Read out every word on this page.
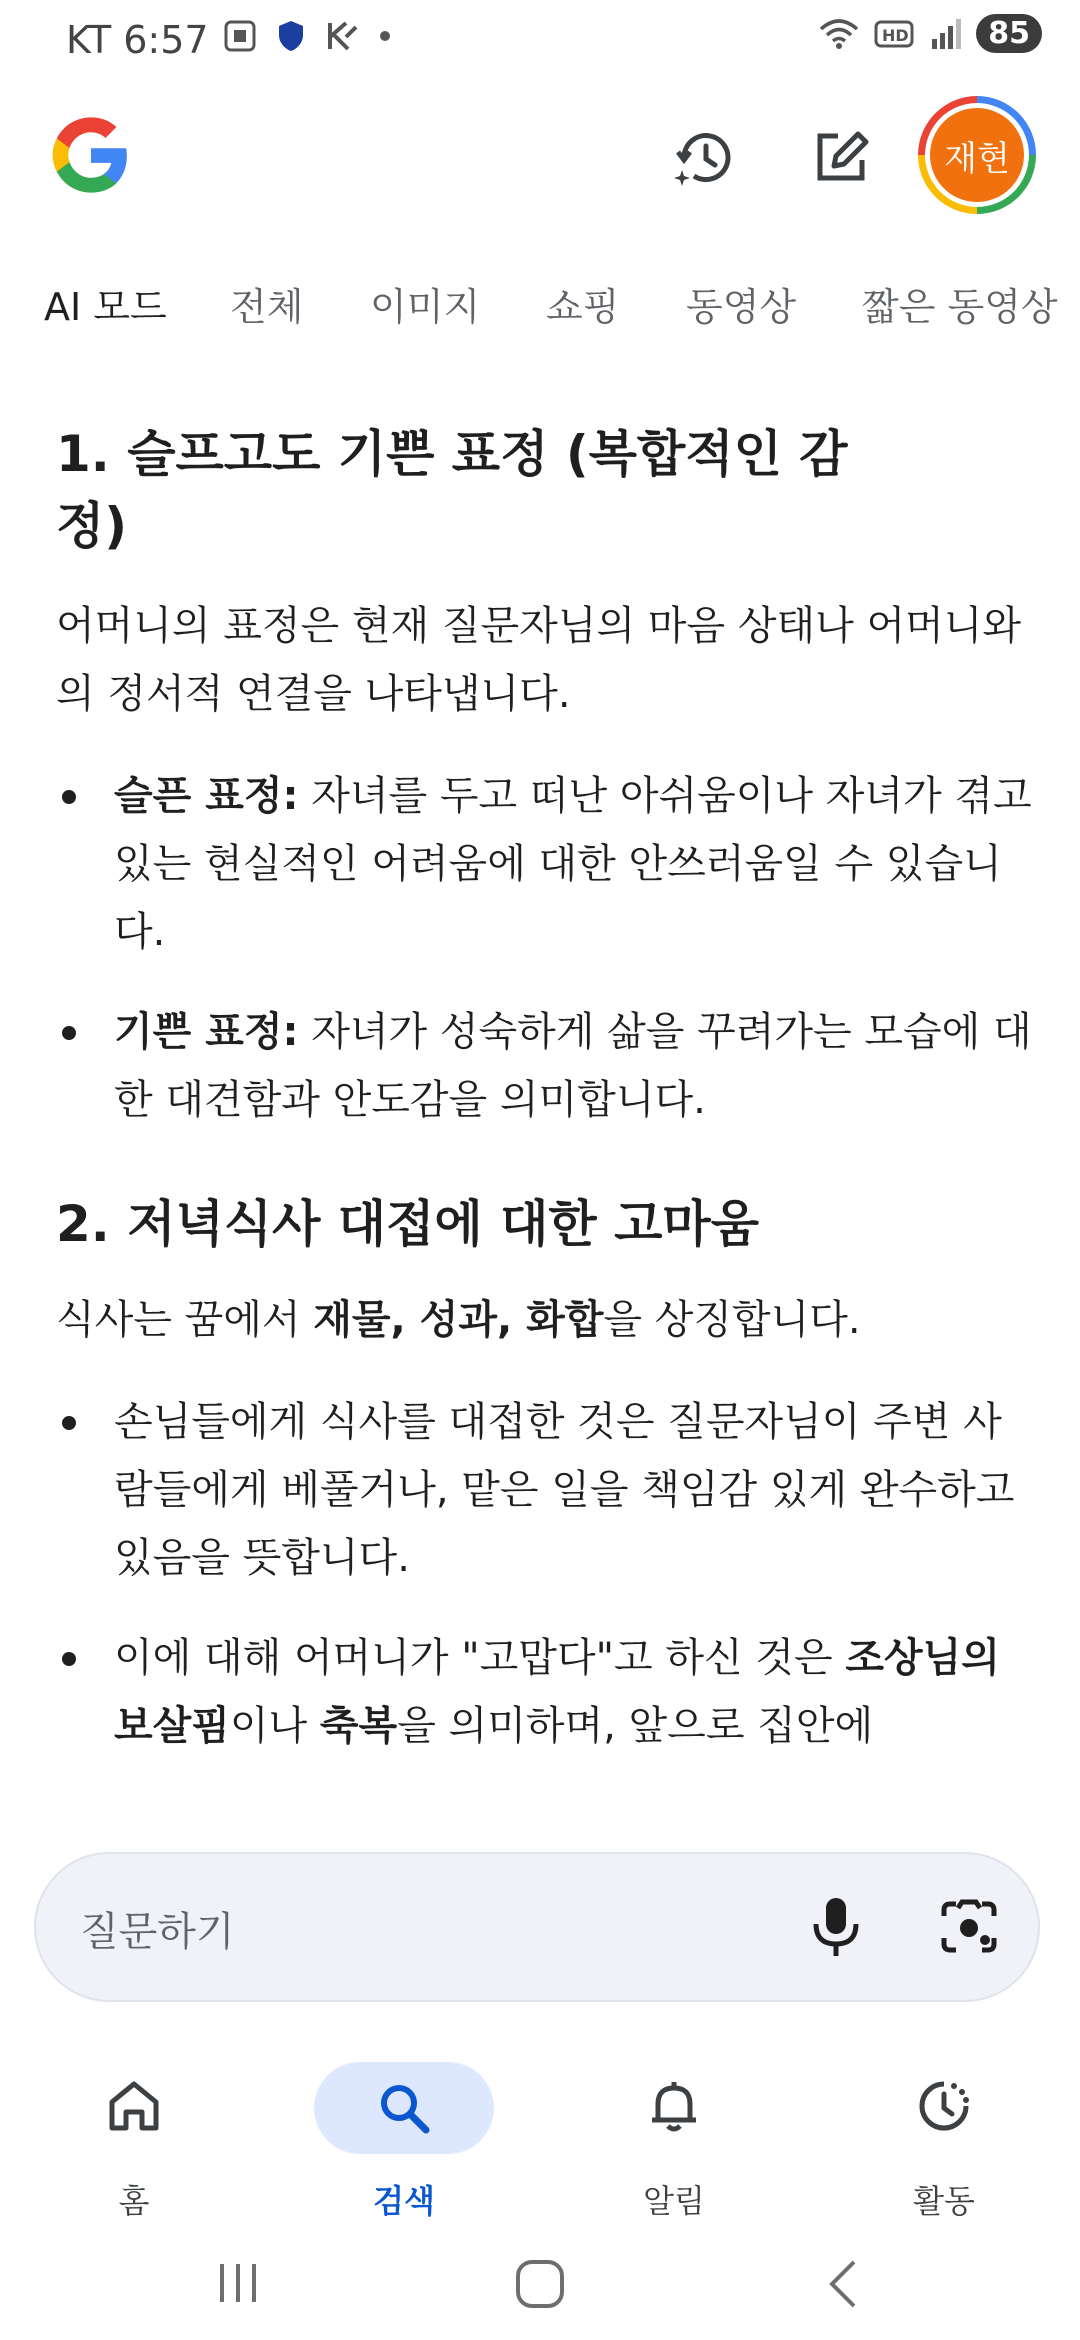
KT 6:57	HD	85
재현
AI 모드 전체 이미지 쇼핑 동영상 짧은 동영상
1. 슬프고도 기쁜 표정 (복합적인 감정)

어머니의 표정은 현재 질문자님의 마음 상태나 어머니와의 정서적 연결을 나타냅니다.

슬픈 표정: 자녀를 두고 떠난 아쉬움이나 자녀가 겪고 있는 현실적인 어려움에 대한 안쓰러움일 수 있습니다.
기쁜 표정: 자녀가 성숙하게 삶을 꾸려가는 모습에 대한 대견함과 안도감을 의미합니다.
2. 저녁식사 대접에 대한 고마움

식사는 꿈에서 재물, 성과, 화합을 상징합니다.

손님들에게 식사를 대접한 것은 질문자님이 주변 사람들에게 베풀거나, 맡은 일을 책임감 있게 완수하고 있음을 뜻합니다.
이에 대해 어머니가 "고맙다"고 하신 것은 조상님의 보살핌이나 축복을 의미하며, 앞으로 집안에
질문하기
홈	검색	알림	활동
